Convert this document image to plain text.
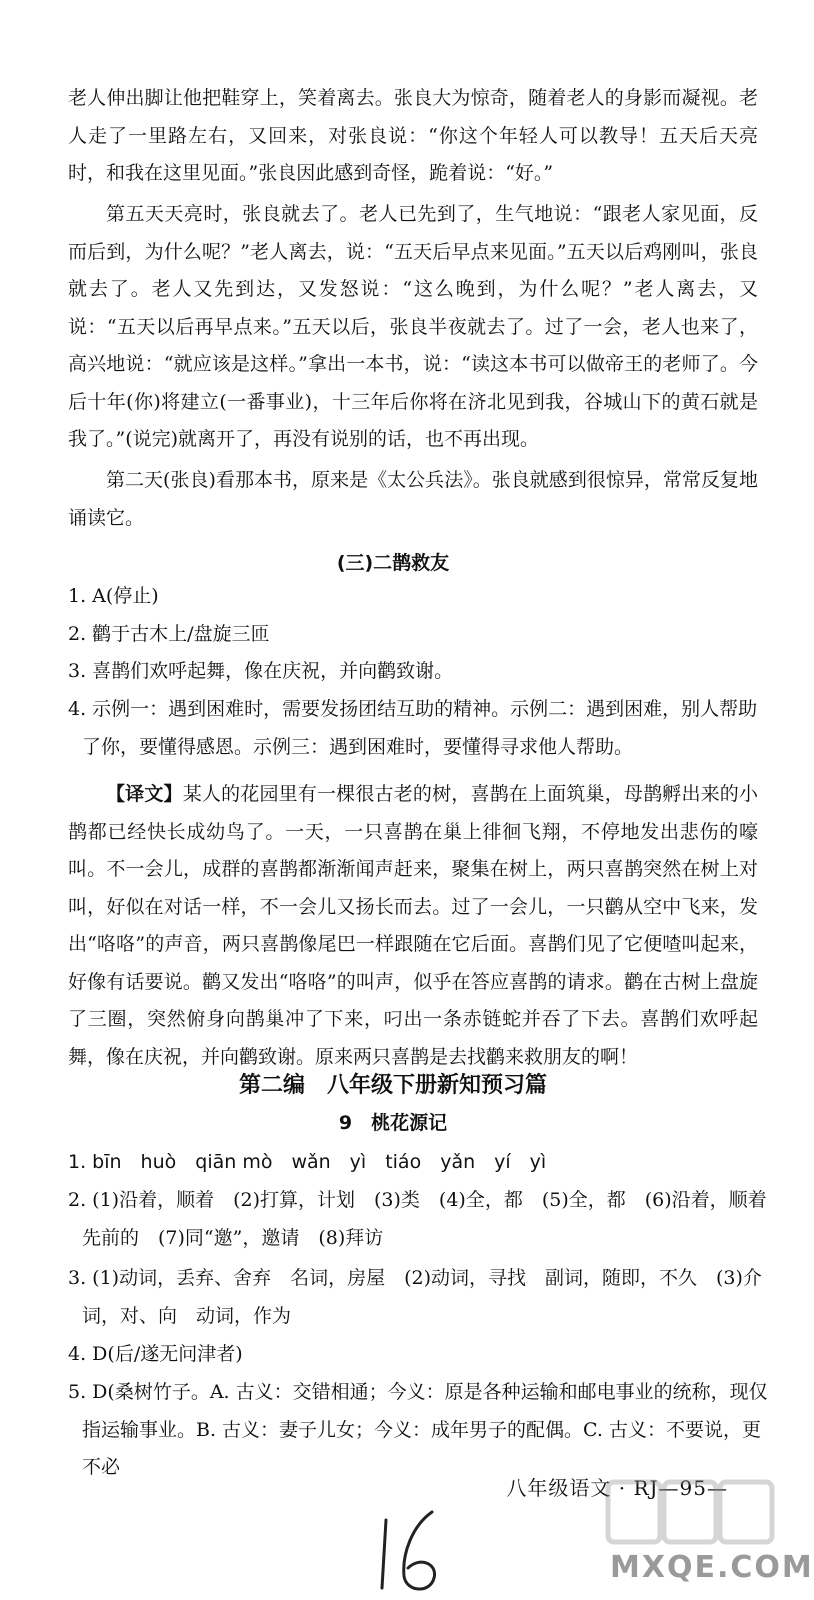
老人伸出脚让他把鞋穿上，笑着离去。张良大为惊奇，随着老人的身影而凝视。老人走了一里路左右，又回来，对张良说：“你这个年轻人可以教导！五天后天亮时，和我在这里见面。”张良因此感到奇怪，跪着说：“好。”

第五天天亮时，张良就去了。老人已先到了，生气地说：“跟老人家见面，反而后到，为什么呢？”老人离去，说：“五天后早点来见面。”五天以后鸡刚叫，张良就去了。老人又先到达，又发怒说：“这么晚到，为什么呢？”老人离去，又说：“五天以后再早点来。”五天以后，张良半夜就去了。过了一会，老人也来了，高兴地说：“就应该是这样。”拿出一本书，说：“读这本书可以做帝王的老师了。今后十年(你)将建立(一番事业)，十三年后你将在济北见到我，谷城山下的黄石就是我了。”(说完)就离开了，再没有说别的话，也不再出现。

第二天(张良)看那本书，原来是《太公兵法》。张良就感到很惊异，常常反复地诵读它。

(三)二鹊救友

1. A(停止)

2. 鹳于古木上/盘旋三匝

3. 喜鹊们欢呼起舞，像在庆祝，并向鹳致谢。

4. 示例一：遇到困难时，需要发扬团结互助的精神。示例二：遇到困难，别人帮助了你，要懂得感恩。示例三：遇到困难时，要懂得寻求他人帮助。

【译文】某人的花园里有一棵很古老的树，喜鹊在上面筑巢，母鹊孵出来的小鹊都已经快长成幼鸟了。一天，一只喜鹊在巢上徘徊飞翔，不停地发出悲伤的嚎叫。不一会儿，成群的喜鹊都渐渐闻声赶来，聚集在树上，两只喜鹊突然在树上对叫，好似在对话一样，不一会儿又扬长而去。过了一会儿，一只鹳从空中飞来，发出“咯咯”的声音，两只喜鹊像尾巴一样跟随在它后面。喜鹊们见了它便喳叫起来，好像有话要说。鹳又发出“咯咯”的叫声，似乎在答应喜鹊的请求。鹳在古树上盘旋了三圈，突然俯身向鹊巢冲了下来，叼出一条赤链蛇并吞了下去。喜鹊们欢呼起舞，像在庆祝，并向鹳致谢。原来两只喜鹊是去找鹳来救朋友的啊！

第二编　八年级下册新知预习篇
9　桃花源记

1. bīn　huò　qiān mò　wǎn　yì　tiáo　yǎn　yí　yì

2. (1)沿着，顺着　(2)打算，计划　(3)类　(4)全，都　(5)全，都　(6)沿着，顺着先前的　(7)同“邀”，邀请　(8)拜访

3. (1)动词，丢弃、舍弃　名词，房屋　(2)动词，寻找　副词，随即，不久　(3)介词，对、向　动词，作为

4. D(后/遂无问津者)

5. D(桑树竹子。A. 古义：交错相通；今义：原是各种运输和邮电事业的统称，现仅指运输事业。B. 古义：妻子儿女；今义：成年男子的配偶。C. 古义：不要说，更不必

八年级语文 · RJ—95—
MXQE.COM
